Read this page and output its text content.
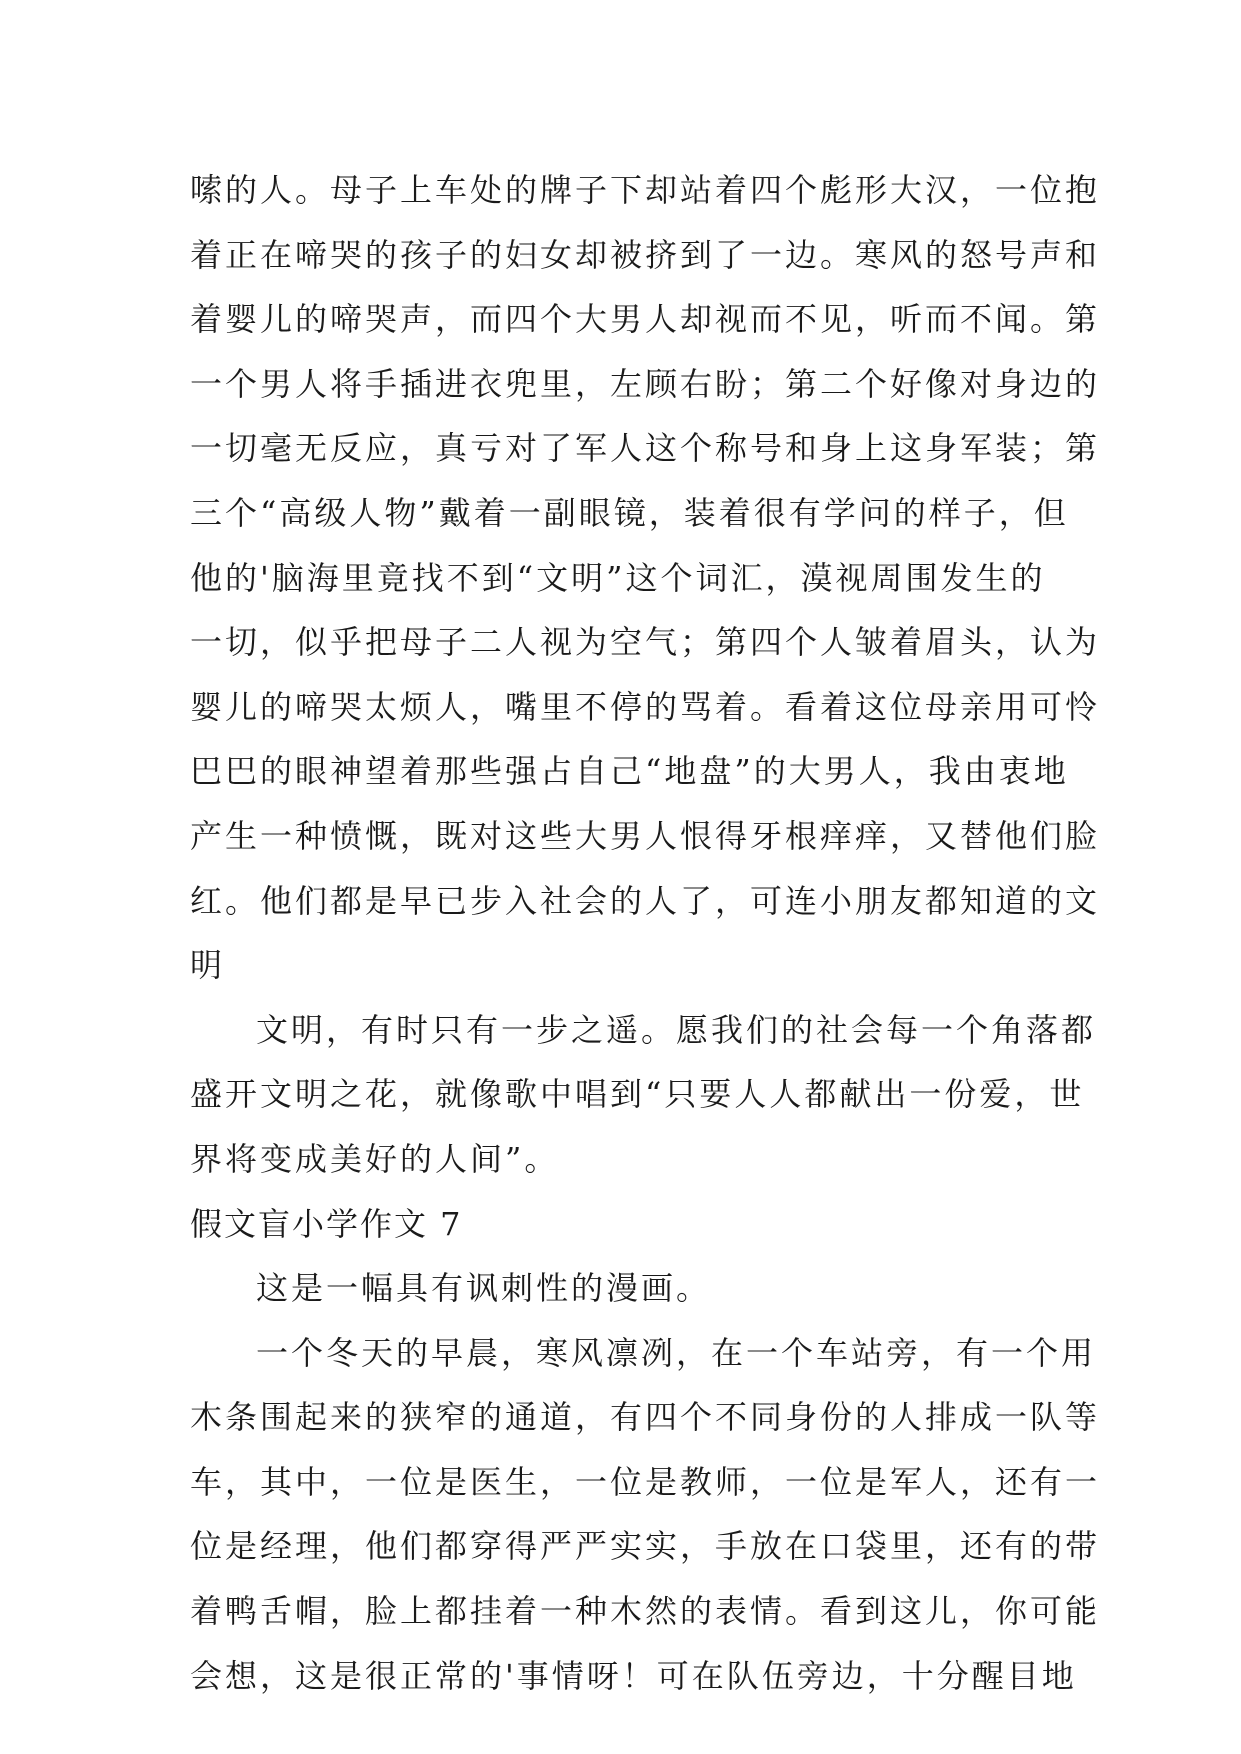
嗦的人。母子上车处的牌子下却站着四个彪形大汉，一位抱
着正在啼哭的孩子的妇女却被挤到了一边。寒风的怒号声和
着婴儿的啼哭声，而四个大男人却视而不见，听而不闻。第
一个男人将手插进衣兜里，左顾右盼；第二个好像对身边的
一切毫无反应，真亏对了军人这个称号和身上这身军装；第
三个“高级人物”戴着一副眼镜，装着很有学问的样子，但
他的'脑海里竟找不到“文明”这个词汇，漠视周围发生的
一切，似乎把母子二人视为空气；第四个人皱着眉头，认为
婴儿的啼哭太烦人，嘴里不停的骂着。看着这位母亲用可怜
巴巴的眼神望着那些强占自己“地盘”的大男人，我由衷地
产生一种愤慨，既对这些大男人恨得牙根痒痒，又替他们脸
红。他们都是早已步入社会的人了，可连小朋友都知道的文
明
文明，有时只有一步之遥。愿我们的社会每一个角落都
盛开文明之花，就像歌中唱到“只要人人都献出一份爱，世
界将变成美好的人间”。
假文盲小学作文 7
这是一幅具有讽刺性的漫画。
一个冬天的早晨，寒风凛冽，在一个车站旁，有一个用
木条围起来的狭窄的通道，有四个不同身份的人排成一队等
车，其中，一位是医生，一位是教师，一位是军人，还有一
位是经理，他们都穿得严严实实，手放在口袋里，还有的带
着鸭舌帽，脸上都挂着一种木然的表情。看到这儿，你可能
会想，这是很正常的'事情呀！可在队伍旁边，十分醒目地
